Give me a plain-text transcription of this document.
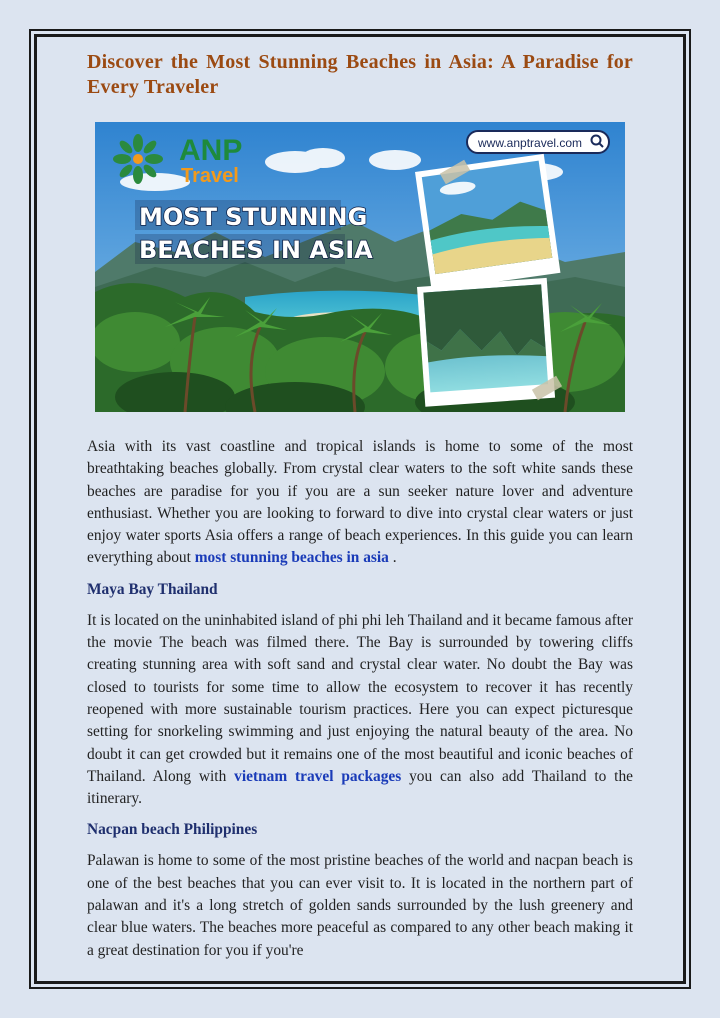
Discover the Most Stunning Beaches in Asia: A Paradise for Every Traveler
ANP
Travel
www.anptravel.com
MOST STUNNING
BEACHES IN ASIA

Asia with its vast coastline and tropical islands is home to some of the most breathtaking beaches globally. From crystal clear waters to the soft white sands these beaches are paradise for you if you are a sun seeker nature lover and adventure enthusiast. Whether you are looking to forward to dive into crystal clear waters or just enjoy water sports Asia offers a range of beach experiences. In this guide you can learn everything about most stunning beaches in asia .

Maya Bay Thailand

It is located on the uninhabited island of phi phi leh Thailand and it became famous after the movie The beach was filmed there. The Bay is surrounded by towering cliffs creating stunning area with soft sand and crystal clear water. No doubt the Bay was closed to tourists for some time to allow the ecosystem to recover it has recently reopened with more sustainable tourism practices. Here you can expect picturesque setting for snorkeling swimming and just enjoying the natural beauty of the area. No doubt it can get crowded but it remains one of the most beautiful and iconic beaches of Thailand. Along with vietnam travel packages you can also add Thailand to the itinerary.

Nacpan beach Philippines

Palawan is home to some of the most pristine beaches of the world and nacpan beach is one of the best beaches that you can ever visit to. It is located in the northern part of palawan and it's a long stretch of golden sands surrounded by the lush greenery and clear blue waters. The beaches more peaceful as compared to any other beach making it a great destination for you if you're
